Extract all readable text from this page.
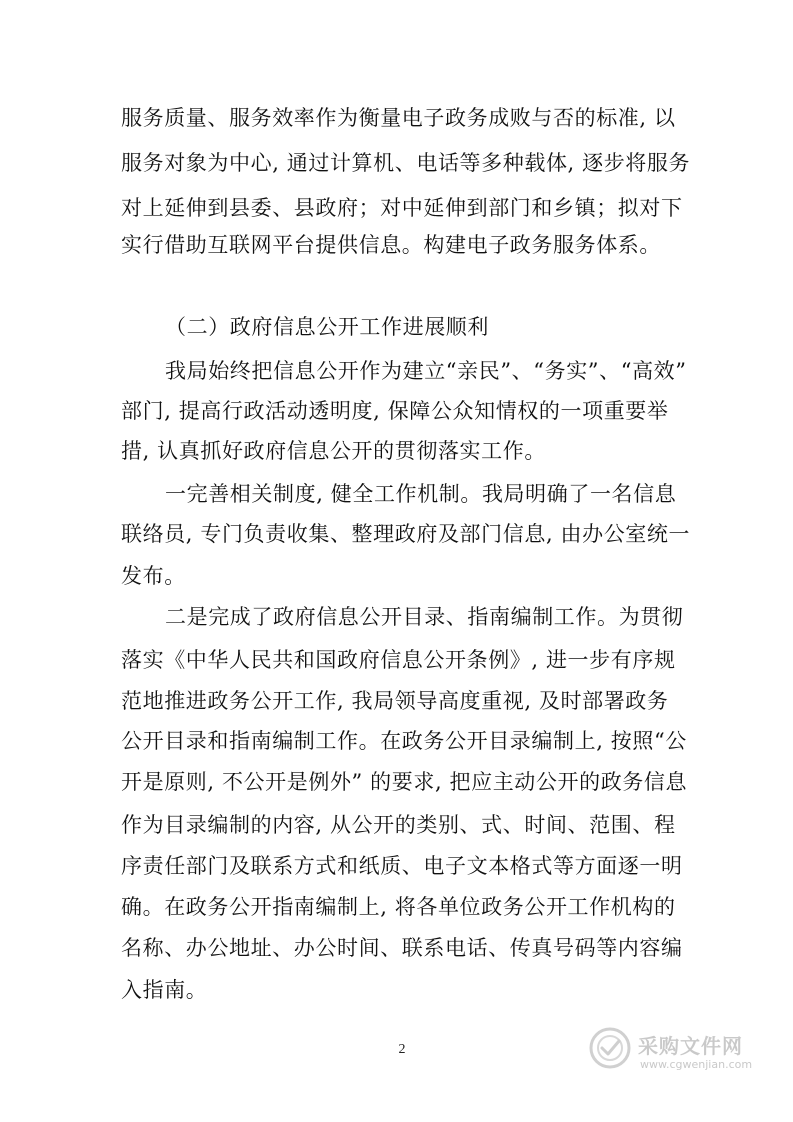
服务质量、服务效率作为衡量电子政务成败与否的标准, 以
服务对象为中心, 通过计算机、电话等多种载体, 逐步将服务
对上延伸到县委、县政府；对中延伸到部门和乡镇；拟对下
实行借助互联网平台提供信息。构建电子政务服务体系。
（二）政府信息公开工作进展顺利
我局始终把信息公开作为建立“亲民”、“务实”、“高效”
部门, 提高行政活动透明度, 保障公众知情权的一项重要举
措, 认真抓好政府信息公开的贯彻落实工作。
一完善相关制度, 健全工作机制。我局明确了一名信息
联络员, 专门负责收集、整理政府及部门信息, 由办公室统一
发布。
二是完成了政府信息公开目录、指南编制工作。为贯彻
落实《中华人民共和国政府信息公开条例》, 进一步有序规
范地推进政务公开工作, 我局领导高度重视, 及时部署政务
公开目录和指南编制工作。在政务公开目录编制上, 按照“公
开是原则, 不公开是例外” 的要求, 把应主动公开的政务信息
作为目录编制的内容, 从公开的类别、式、时间、范围、程
序责任部门及联系方式和纸质、电子文本格式等方面逐一明
确。在政务公开指南编制上, 将各单位政务公开工作机构的
名称、办公地址、办公时间、联系电话、传真号码等内容编
入指南。
2	采购文件网
www.cgwenjian.com
